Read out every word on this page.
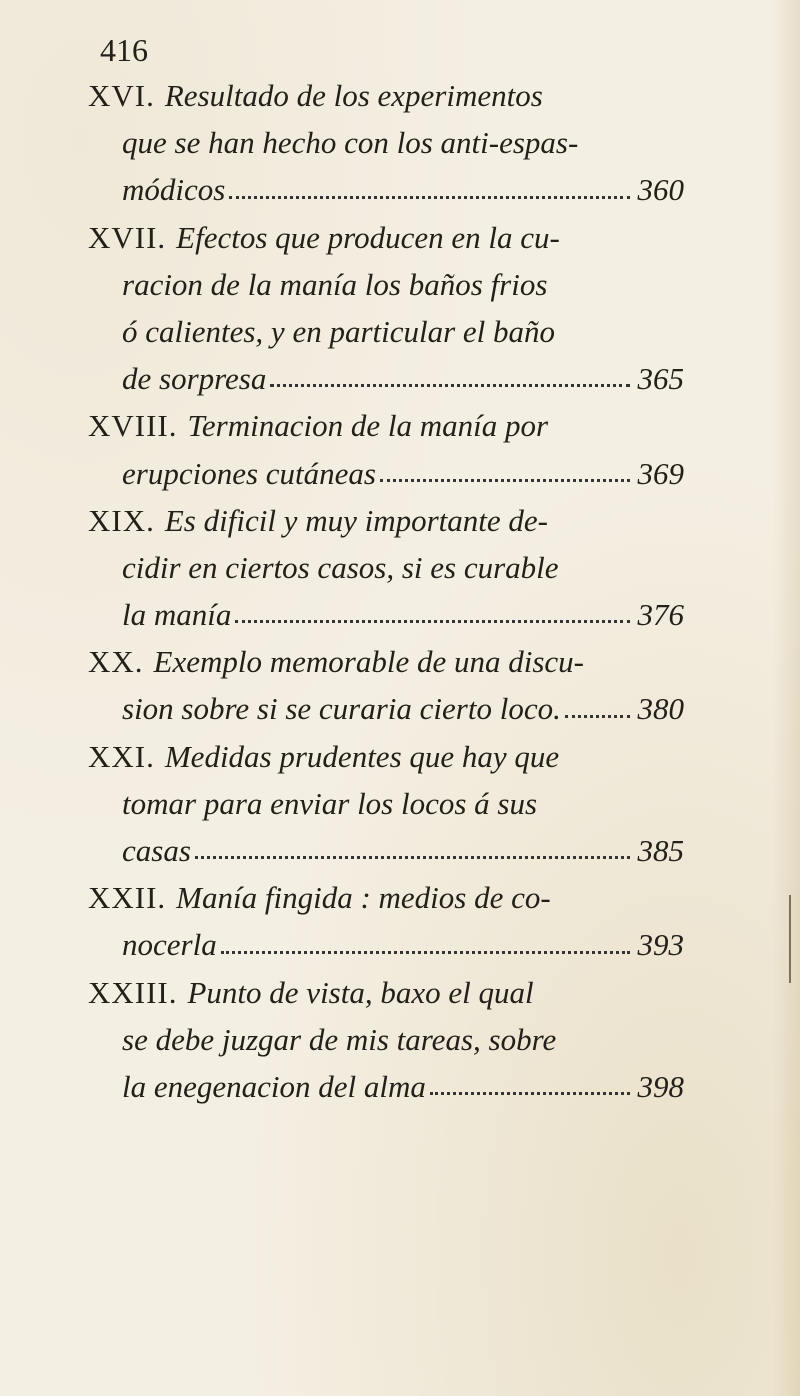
416
XVI. Resultado de los experimentos
que se han hecho con los anti-espas-
módicos	360
XVII. Efectos que producen en la cu-
racion de la manía los baños frios
ó calientes, y en particular el baño
de sorpresa	365
XVIII. Terminacion de la manía por
erupciones cutáneas	369
XIX. Es dificil y muy importante de-
cidir en ciertos casos, si es curable
la manía	376
XX. Exemplo memorable de una discu-
sion sobre si se curaria cierto loco. 380
XXI. Medidas prudentes que hay que
tomar para enviar los locos á sus
casas	385
XXII. Manía fingida : medios de co-
nocerla	393
XXIII. Punto de vista, baxo el qual
se debe juzgar de mis tareas, sobre
la enegenacion del alma	398
